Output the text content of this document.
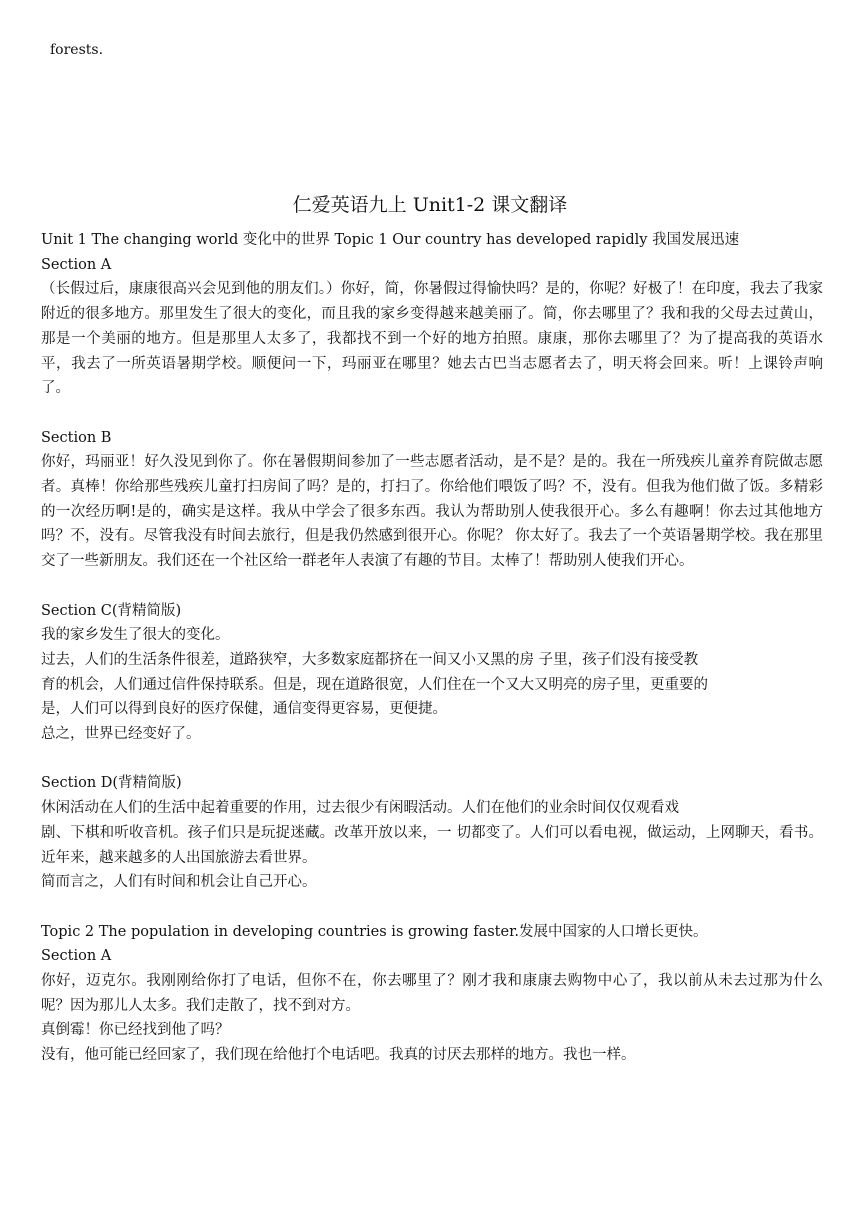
forests.
仁爱英语九上 Unit1-2 课文翻译

Unit 1 The changing world 变化中的世界 Topic 1 Our country has developed rapidly 我国发展迅速

Section A

（长假过后，康康很高兴会见到他的朋友们。）你好，简，你暑假过得愉快吗？是的，你呢？好极了！在印度，我去了我家附近的很多地方。那里发生了很大的变化，而且我的家乡变得越来越美丽了。简，你去哪里了？我和我的父母去过黄山，那是一个美丽的地方。但是那里人太多了，我都找不到一个好的地方拍照。康康，那你去哪里了？为了提高我的英语水平，我去了一所英语暑期学校。顺便问一下，玛丽亚在哪里？她去古巴当志愿者去了，明天将会回来。听！上课铃声响了。

Section B

你好，玛丽亚！好久没见到你了。你在暑假期间参加了一些志愿者活动，是不是？是的。我在一所残疾儿童养育院做志愿者。真棒！你给那些残疾儿童打扫房间了吗？是的，打扫了。你给他们喂饭了吗？不，没有。但我为他们做了饭。多精彩的一次经历啊!是的，确实是这样。我从中学会了很多东西。我认为帮助别人使我很开心。多么有趣啊！你去过其他地方吗？不，没有。尽管我没有时间去旅行，但是我仍然感到很开心。你呢？ 你太好了。我去了一个英语暑期学校。我在那里交了一些新朋友。我们还在一个社区给一群老年人表演了有趣的节目。太棒了！帮助别人使我们开心。

Section C(背精简版)

我的家乡发生了很大的变化。

过去，人们的生活条件很差，道路狭窄，大多数家庭都挤在一间又小又黑的房 子里，孩子们没有接受教

育的机会，人们通过信件保持联系。但是，现在道路很宽，人们住在一个又大又明亮的房子里，更重要的

是，人们可以得到良好的医疗保健，通信变得更容易，更便捷。

总之，世界已经变好了。

Section D(背精简版)

休闲活动在人们的生活中起着重要的作用，过去很少有闲暇活动。人们在他们的业余时间仅仅观看戏

剧、下棋和听收音机。孩子们只是玩捉迷藏。改革开放以来，一 切都变了。人们可以看电视，做运动，上网聊天，看书。近年来，越来越多的人出国旅游去看世界。

简而言之，人们有时间和机会让自己开心。

Topic 2 The population in developing countries is growing faster.发展中国家的人口增长更快。

Section A

你好，迈克尔。我刚刚给你打了电话，但你不在，你去哪里了？刚才我和康康去购物中心了，我以前从未去过那为什么呢？因为那儿人太多。我们走散了，找不到对方。

真倒霉！你已经找到他了吗？

没有，他可能已经回家了，我们现在给他打个电话吧。我真的讨厌去那样的地方。我也一样。
